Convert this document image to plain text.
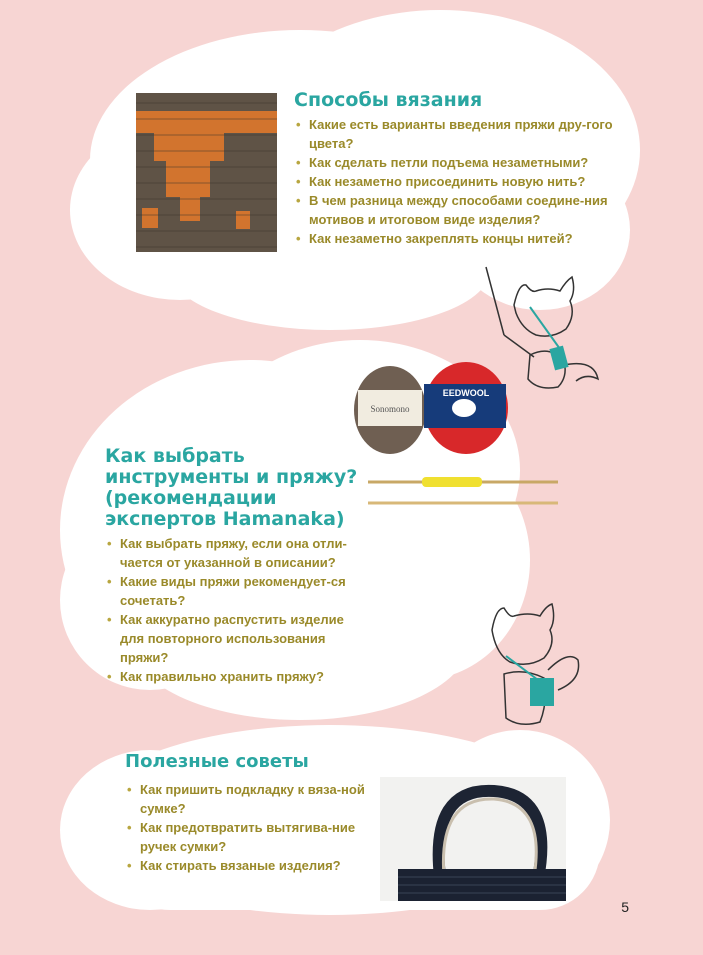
Способы вязания
• Какие есть варианты введения пряжи дру-гого цвета?
• Как сделать петли подъема незаметными?
• Как незаметно присоединить новую нить?
• В чем разница между способами соедине-ния мотивов и итоговом виде изделия?
• Как незаметно закреплять концы нитей?
Sonomono
EEDWOOL
Как выбрать
инструменты и пряжу?
(рекомендации
экспертов Hamanaka)
• Как выбрать пряжу, если она отли-чается от указанной в описании?
• Какие виды пряжи рекомендует-ся сочетать?
• Как аккуратно распустить изделие для повторного использования пряжи?
• Как правильно хранить пряжу?
Полезные советы
• Как пришить подкладку к вяза-ной сумке?
• Как предотвратить вытягива-ние ручек сумки?
• Как стирать вязаные изделия?
5
